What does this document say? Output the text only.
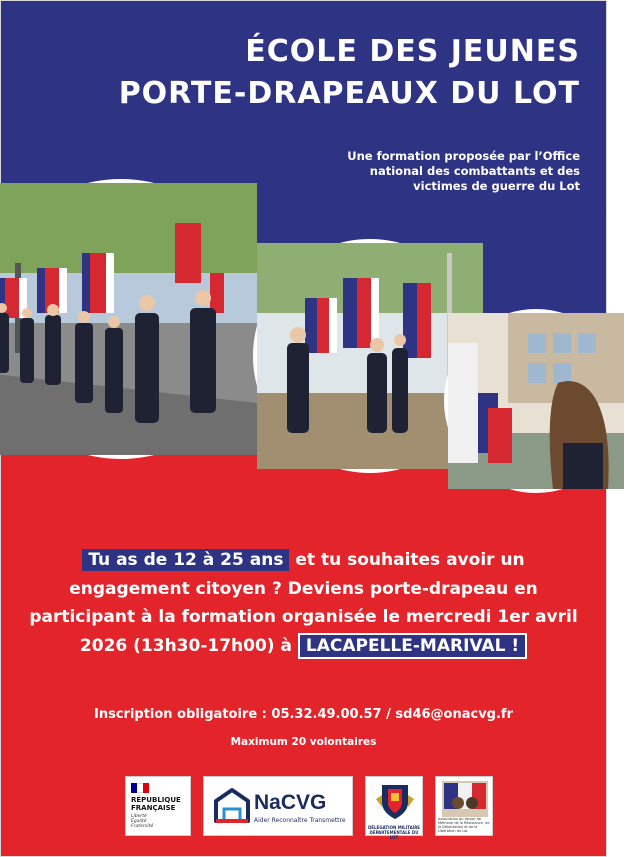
ÉCOLE DES JEUNES
PORTE-DRAPEAUX DU LOT
Une formation proposée par l’Office
national des combattants et des
victimes de guerre du Lot
Tu as de 12 à 25 ans et tu souhaites avoir un engagement citoyen ? Deviens porte-drapeau en participant à la formation organisée le mercredi 1er avril 2026 (13h30-17h00) à LACAPELLE-MARIVAL !
Inscription obligatoire : 05.32.49.00.57 / sd46@onacvg.fr
Maximum 20 volontaires
RÉPUBLIQUE
FRANÇAISE
Liberté
Égalité
Fraternité
NaCVG
Aider Reconnaître Transmettre
DÉLÉGATION MILITAIRE
DÉPARTEMENTALE DU LOT
Association du devoir de Mémoire de la Résistance, de la Déportation et de la Libération du Lot
